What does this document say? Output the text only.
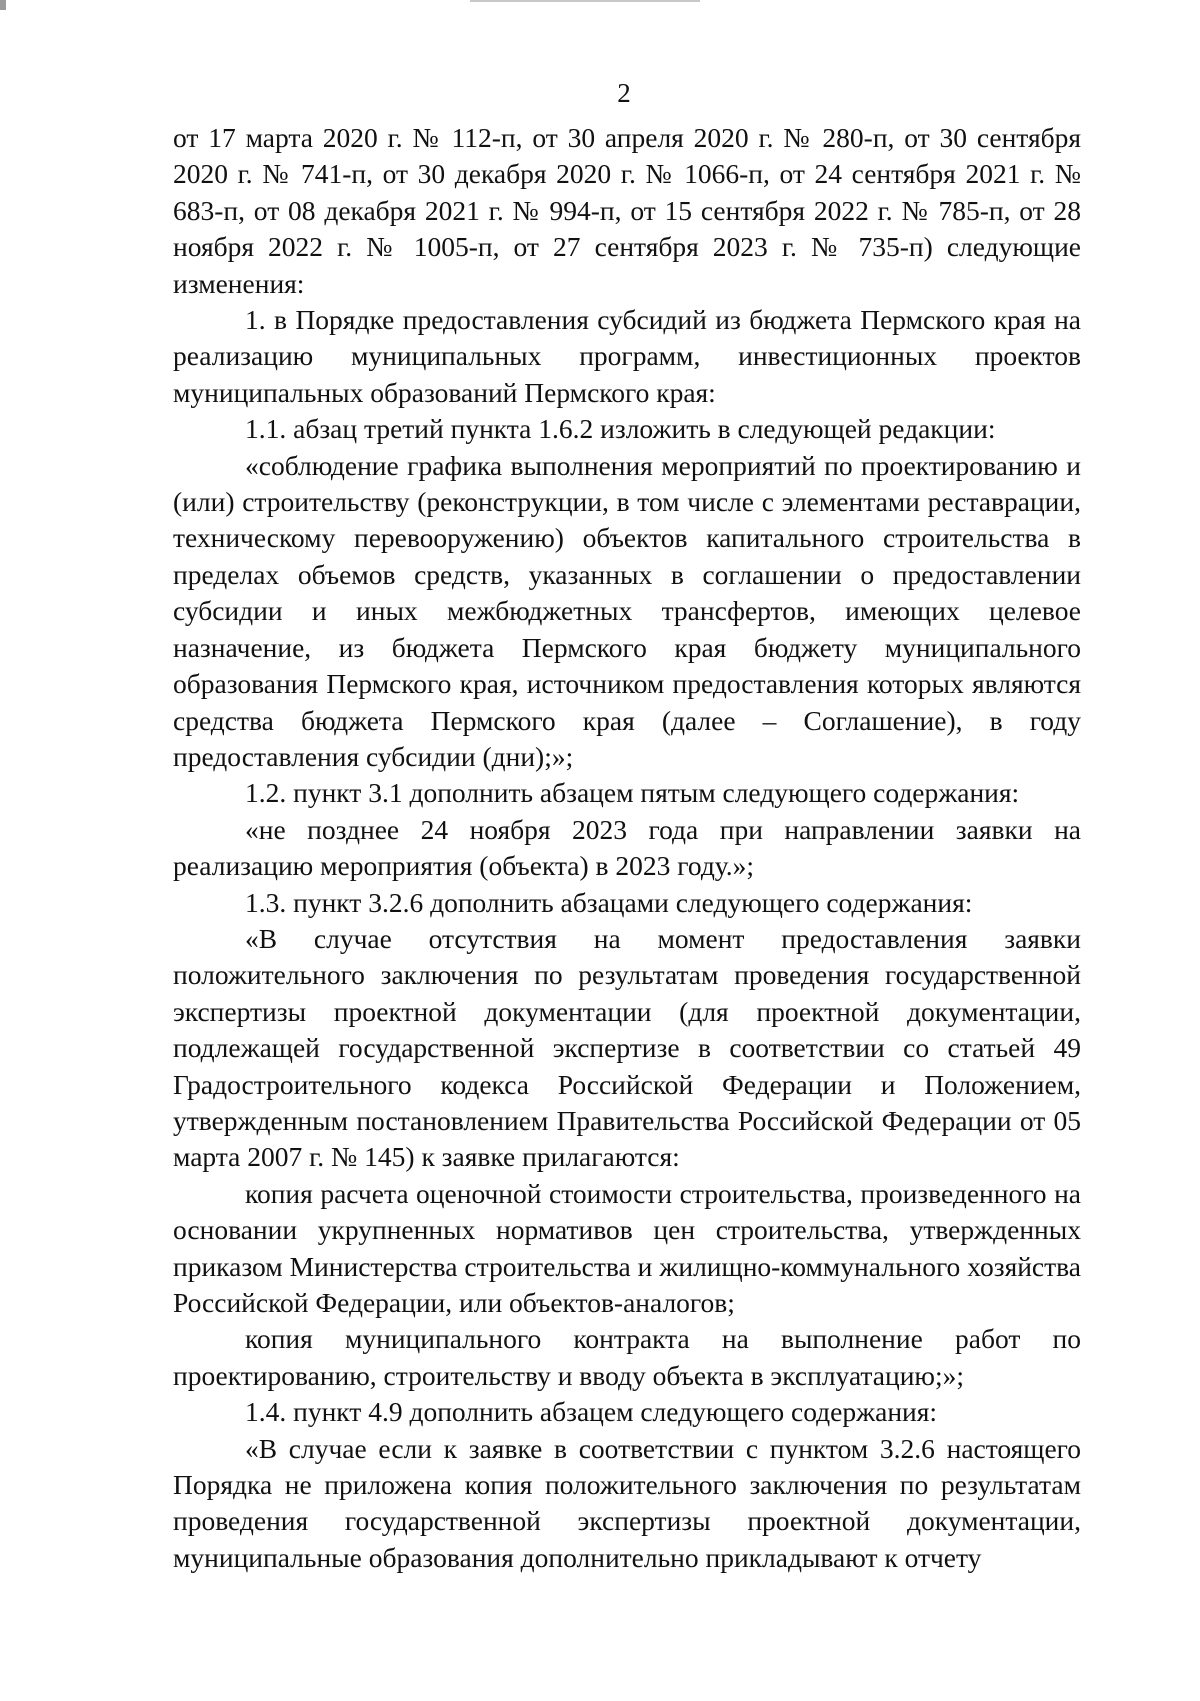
2

от 17 марта 2020 г. № 112-п, от 30 апреля 2020 г. № 280-п, от 30 сентября 2020 г. № 741-п, от 30 декабря 2020 г. № 1066-п, от 24 сентября 2021 г. № 683-п, от 08 декабря 2021 г. № 994-п, от 15 сентября 2022 г. № 785-п, от 28 ноября 2022 г. № 1005-п, от 27 сентября 2023 г. № 735-п) следующие изменения:

1. в Порядке предоставления субсидий из бюджета Пермского края на реализацию муниципальных программ, инвестиционных проектов муниципальных образований Пермского края:

1.1. абзац третий пункта 1.6.2 изложить в следующей редакции:

«соблюдение графика выполнения мероприятий по проектированию и (или) строительству (реконструкции, в том числе с элементами реставрации, техническому перевооружению) объектов капитального строительства в пределах объемов средств, указанных в соглашении о предоставлении субсидии и иных межбюджетных трансфертов, имеющих целевое назначение, из бюджета Пермского края бюджету муниципального образования Пермского края, источником предоставления которых являются средства бюджета Пермского края (далее – Соглашение), в году предоставления субсидии (дни);»;

1.2. пункт 3.1 дополнить абзацем пятым следующего содержания:

«не позднее 24 ноября 2023 года при направлении заявки на реализацию мероприятия (объекта) в 2023 году.»;

1.3. пункт 3.2.6 дополнить абзацами следующего содержания:

«В случае отсутствия на момент предоставления заявки положительного заключения по результатам проведения государственной экспертизы проектной документации (для проектной документации, подлежащей государственной экспертизе в соответствии со статьей 49 Градостроительного кодекса Российской Федерации и Положением, утвержденным постановлением Правительства Российской Федерации от 05 марта 2007 г. № 145) к заявке прилагаются:

копия расчета оценочной стоимости строительства, произведенного на основании укрупненных нормативов цен строительства, утвержденных приказом Министерства строительства и жилищно-коммунального хозяйства Российской Федерации, или объектов-аналогов;

копия муниципального контракта на выполнение работ по проектированию, строительству и вводу объекта в эксплуатацию;»;

1.4. пункт 4.9 дополнить абзацем следующего содержания:

«В случае если к заявке в соответствии с пунктом 3.2.6 настоящего Порядка не приложена копия положительного заключения по результатам проведения государственной экспертизы проектной документации, муниципальные образования дополнительно прикладывают к отчету
